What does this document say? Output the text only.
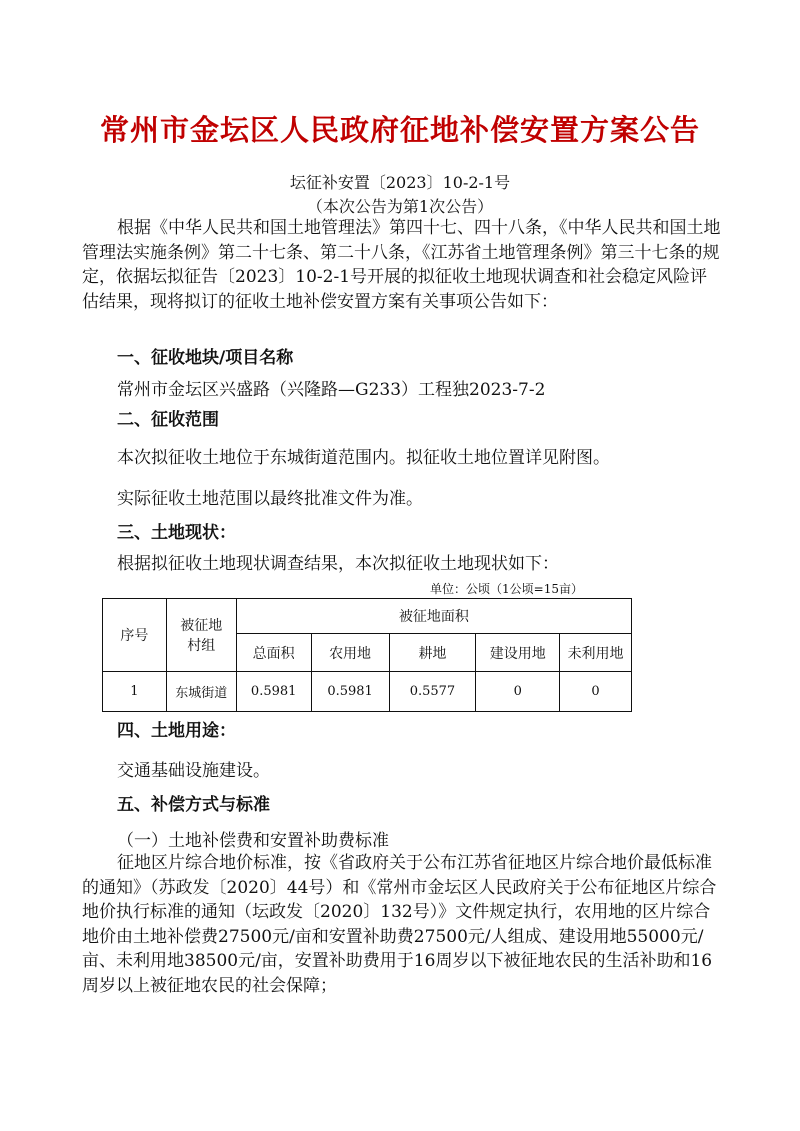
常州市金坛区人民政府征地补偿安置方案公告
坛征补安置〔2023〕10-2-1号
（本次公告为第1次公告）

根据《中华人民共和国土地管理法》第四十七、四十八条，《中华人民共和国土地管理法实施条例》第二十七条、第二十八条，《江苏省土地管理条例》第三十七条的规定，依据坛拟征告〔2023〕10-2-1号开展的拟征收土地现状调查和社会稳定风险评估结果，现将拟订的征收土地补偿安置方案有关事项公告如下：

一、征收地块/项目名称
常州市金坛区兴盛路（兴隆路—G233）工程独2023-7-2
二、征收范围
本次拟征收土地位于东城街道范围内。拟征收土地位置详见附图。
实际征收土地范围以最终批准文件为准。
三、土地现状：
根据拟征收土地现状调查结果，本次拟征收土地现状如下：
单位：公顷（1公顷=15亩）
序号	被征地村组	被征地面积				
		总面积	农用地	耕地	建设用地	未利用地
1	东城街道	0.5981	0.5981	0.5577	0	0
四、土地用途：
交通基础设施建设。
五、补偿方式与标准
（一）土地补偿费和安置补助费标准

征地区片综合地价标准，按《省政府关于公布江苏省征地区片综合地价最低标准的通知》（苏政发〔2020〕44号）和《常州市金坛区人民政府关于公布征地区片综合地价执行标准的通知（坛政发〔2020〕132号）》文件规定执行，农用地的区片综合地价由土地补偿费27500元/亩和安置补助费27500元/人组成、建设用地55000元/亩、未利用地38500元/亩，安置补助费用于16周岁以下被征地农民的生活补助和16周岁以上被征地农民的社会保障；
